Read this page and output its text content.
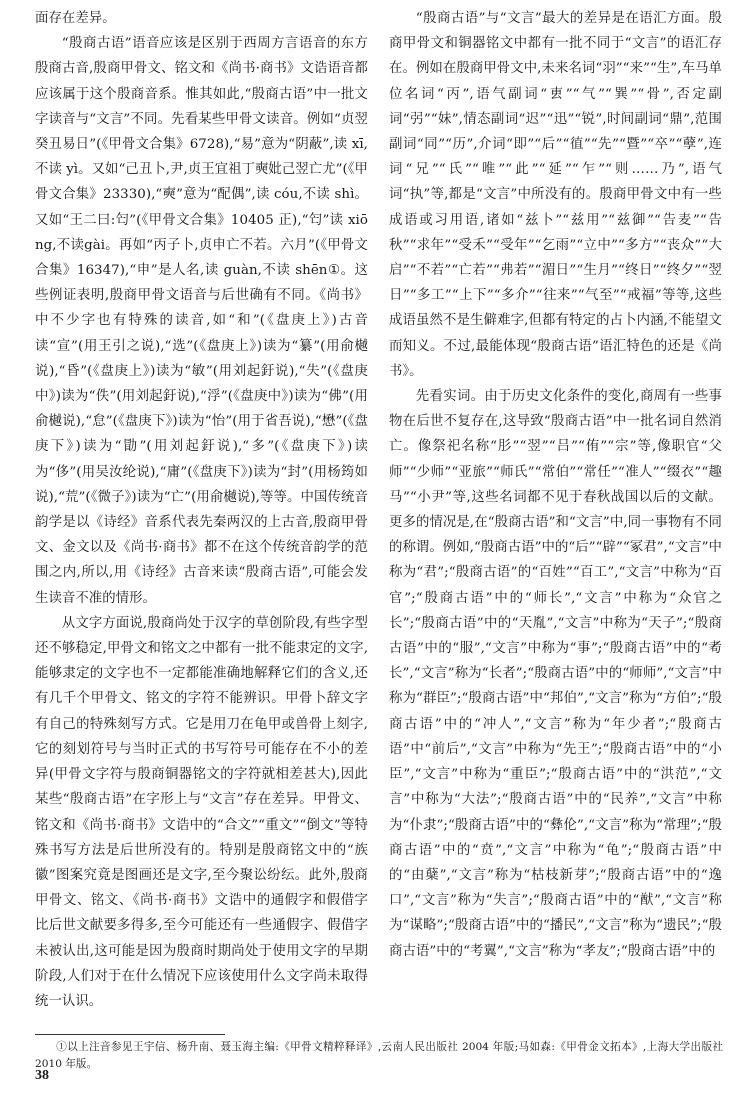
面存在差异。

“殷商古语”语音应该是区别于西周方言语音的东方殷商古音,殷商甲骨文、铭文和《尚书·商书》文诰语音都应该属于这个殷商音系。惟其如此,“殷商古语”中一批文字读音与“文言”不同。先看某些甲骨文读音。例如“贞翌癸丑易日”(《甲骨文合集》6728),“易”意为“阴蔽”,读 xī,不读 yì。又如“己丑卜,尹,贞王宜祖丁奭妣己翌亡尤”(《甲骨文合集》23330),“奭”意为“配偶”,读 cóu,不读 shì。又如“王二曰:匄”(《甲骨文合集》10405 正),“匄”读 xiōng,不读gài。再如“丙子卜,贞申亡不若。六月”(《甲骨文合集》16347),“申”是人名,读 guàn,不读 shēn①。这些例证表明,殷商甲骨文语音与后世确有不同。《尚书》中不少字也有特殊的读音,如“和”(《盘庚上》)古音读“宣”(用王引之说),“选”(《盘庚上》)读为“纂”(用俞樾说),“昏”(《盘庚上》)读为“敏”(用刘起釪说),“失”(《盘庚中》)读为“佚”(用刘起釪说),“浮”(《盘庚中》)读为“佛”(用俞樾说),“怠”(《盘庚下》)读为“怡”(用于省吾说),“懋”(《盘庚下》)读为“勖”(用刘起釪说),“多”(《盘庚下》)读为“侈”(用吴汝纶说),“庸”(《盘庚下》)读为“封”(用杨筠如说),“荒”(《微子》)读为“亡”(用俞樾说),等等。中国传统音韵学是以《诗经》音系代表先秦两汉的上古音,殷商甲骨文、金文以及《尚书·商书》都不在这个传统音韵学的范围之内,所以,用《诗经》古音来读“殷商古语”,可能会发生读音不准的情形。

从文字方面说,殷商尚处于汉字的草创阶段,有些字型还不够稳定,甲骨文和铭文之中都有一批不能隶定的文字,能够隶定的文字也不一定都能准确地解释它们的含义,还有几千个甲骨文、铭文的字符不能辨识。甲骨卜辞文字有自己的特殊刻写方式。它是用刀在龟甲或兽骨上刻字,它的刻划符号与当时正式的书写符号可能存在不小的差异(甲骨文字符与殷商铜器铭文的字符就相差甚大),因此某些“殷商古语”在字形上与“文言”存在差异。甲骨文、铭文和《尚书·商书》文诰中的“合文”“重文”“倒文”等特殊书写方法是后世所没有的。特别是殷商铭文中的“族徽”图案究竟是图画还是文字,至今聚讼纷纭。此外,殷商甲骨文、铭文、《尚书·商书》文诰中的通假字和假借字比后世文献要多得多,至今可能还有一些通假字、假借字未被认出,这可能是因为殷商时期尚处于使用文字的早期阶段,人们对于在什么情况下应该使用什么文字尚未取得统一认识。

“殷商古语”与“文言”最大的差异是在语汇方面。殷商甲骨文和铜器铭文中都有一批不同于“文言”的语汇存在。例如在殷商甲骨文中,未来名词“羽”“来”“生”,车马单位名词“丙”,语气副词“叀”“气”“巽”“骨”,否定副词“弜”“妹”,情态副词“迟”“迅”“锐”,时间副词“鼎”,范围副词“同”“历”,介词“即”“后”“徝”“先”“暨”“卒”“孽”,连词“兄”“氏”“唯”“此”“延”“乍”“则……乃”,语气词“执”等,都是“文言”中所没有的。殷商甲骨文中有一些成语或习用语,诸如“兹卜”“兹用”“兹御”“告麦”“告秋”“求年”“受禾”“受年”“乞雨”“立中”“多方”“丧众”“大启”“不若”“亡若”“弗若”“湄日”“生月”“终日”“终夕”“翌日”“多工”“上下”“多介”“往来”“气至”“戒福”等等,这些成语虽然不是生僻难字,但都有特定的占卜内涵,不能望文而知义。不过,最能体现“殷商古语”语汇特色的还是《尚书》。

先看实词。由于历史文化条件的变化,商周有一些事物在后世不复存在,这导致“殷商古语”中一批名词自然消亡。像祭祀名称“肜”“翌”“吕”“侑”“宗”等,像职官“父师”“少师”“亚旅”“师氏”“常伯”“常任”“准人”“缀衣”“趣马”“小尹”等,这些名词都不见于春秋战国以后的文献。更多的情况是,在“殷商古语”和“文言”中,同一事物有不同的称谓。例如,“殷商古语”中的“后”“辟”“冢君”,“文言”中称为“君”;“殷商古语”的“百姓”“百工”,“文言”中称为“百官”;“殷商古语”中的“师长”,“文言”中称为“众官之长”;“殷商古语”中的“天胤”,“文言”中称为“天子”;“殷商古语”中的“服”,“文言”中称为“事”;“殷商古语”中的“耇长”,“文言”称为“长者”;“殷商古语”中的“师师”,“文言”中称为“群臣”;“殷商古语”中“邦伯”,“文言”称为“方伯”;“殷商古语”中的“冲人”,“文言”称为“年少者”;“殷商古语”中“前后”,“文言”中称为“先王”;“殷商古语”中的“小臣”,“文言”中称为“重臣”;“殷商古语”中的“洪范”,“文言”中称为“大法”;“殷商古语”中的“民养”,“文言”中称为“仆隶”;“殷商古语”中的“彝伦”,“文言”称为“常理”;“殷商古语”中的“贲”,“文言”中称为“龟”;“殷商古语”中的“由蘖”,“文言”称为“枯枝新芽”;“殷商古语”中的“逸口”,“文言”称为“失言”;“殷商古语”中的“猷”,“文言”称为“谋略”;“殷商古语”中的“播民”,“文言”称为“遗民”;“殷商古语”中的“考翼”,“文言”称为“孝友”;“殷商古语”中的

①以上注音参见王宇信、杨升南、聂玉海主编:《甲骨文精粹释译》,云南人民出版社 2004 年版;马如森:《甲骨金文拓本》,上海大学出版社 2010 年版。
38
